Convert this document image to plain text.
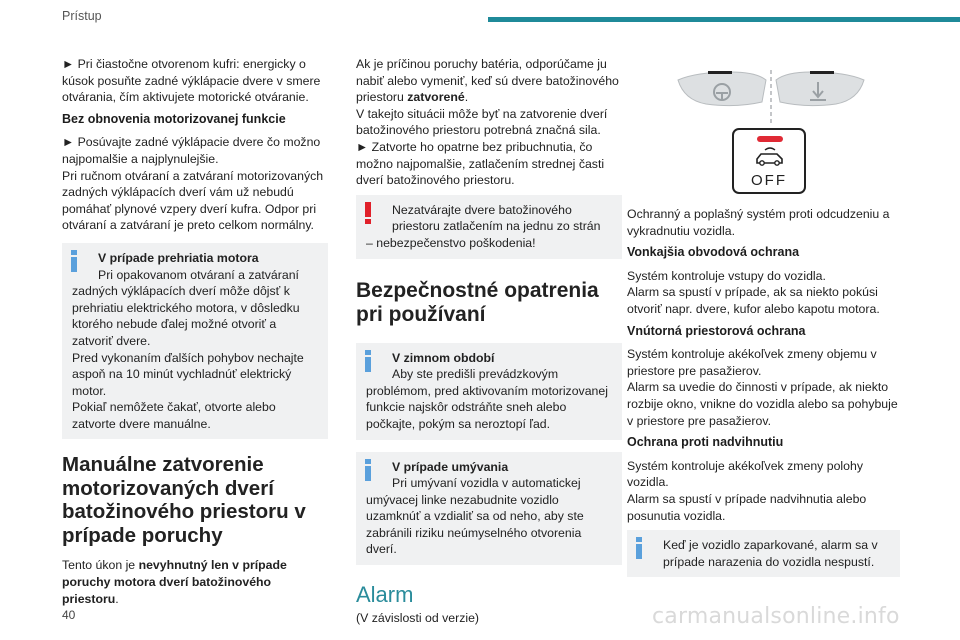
Prístup
► Pri čiastočne otvorenom kufri: energicky o kúsok posuňte zadné výklápacie dvere v smere otvárania, čím aktivujete motorické otváranie.
Bez obnovenia motorizovanej funkcie
► Posúvajte zadné výklápacie dvere čo možno najpomalšie a najplynulejšie.
Pri ručnom otváraní a zatváraní motorizovaných zadných výklápacích dverí vám už nebudú pomáhať plynové vzpery dverí kufra. Odpor pri otváraní a zatváraní je preto celkom normálny.
V prípade prehriatia motora
Pri opakovanom otváraní a zatváraní
zadných výklápacích dverí môže dôjsť k prehriatiu elektrického motora, v dôsledku ktorého nebude ďalej možné otvoriť a zatvoriť dvere.
Pred vykonaním ďalších pohybov nechajte
aspoň na 10 minút vychladnúť elektrický motor.
Pokiaľ nemôžete čakať, otvorte alebo zatvorte dvere manuálne.
Manuálne zatvorenie motorizovaných dverí batožinového priestoru v prípade poruchy
Tento úkon je nevyhnutný len v prípade poruchy motora dverí batožinového priestoru.
Ak je príčinou poruchy batéria, odporúčame ju nabiť alebo vymeniť, keď sú dvere batožinového priestoru zatvorené.
V takejto situácii môže byť na zatvorenie dverí batožinového priestoru potrebná značná sila.
► Zatvorte ho opatrne bez pribuchnutia, čo možno najpomalšie, zatlačením strednej časti dverí batožinového priestoru.
Nezatvárajte dvere batožinového
priestoru zatlačením na jednu zo strán
– nebezpečenstvo poškodenia!
Bezpečnostné opatrenia pri používaní
V zimnom období
Aby ste predišli prevádzkovým
problémom, pred aktivovaním motorizovanej funkcie najskôr odstráňte sneh alebo počkajte, pokým sa neroztopí ľad.
V prípade umývania
Pri umývaní vozidla v automatickej
umývacej linke nezabudnite vozidlo uzamknúť a vzdialiť sa od neho, aby ste zabránili riziku neúmyselného otvorenia dverí.
Alarm
(V závislosti od verzie)
OFF
Ochranný a poplašný systém proti odcudzeniu a vykradnutiu vozidla.
Vonkajšia obvodová ochrana
Systém kontroluje vstupy do vozidla.
Alarm sa spustí v prípade, ak sa niekto pokúsi otvoriť napr. dvere, kufor alebo kapotu motora.
Vnútorná priestorová ochrana
Systém kontroluje akékoľvek zmeny objemu v priestore pre pasažierov.
Alarm sa uvedie do činnosti v prípade, ak niekto rozbije okno, vnikne do vozidla alebo sa pohybuje v priestore pre pasažierov.
Ochrana proti nadvihnutiu
Systém kontroluje akékoľvek zmeny polohy vozidla.
Alarm sa spustí v prípade nadvihnutia alebo posunutia vozidla.
Keď je vozidlo zaparkované, alarm sa v
prípade narazenia do vozidla nespustí.
40	carmanualsonline.info
